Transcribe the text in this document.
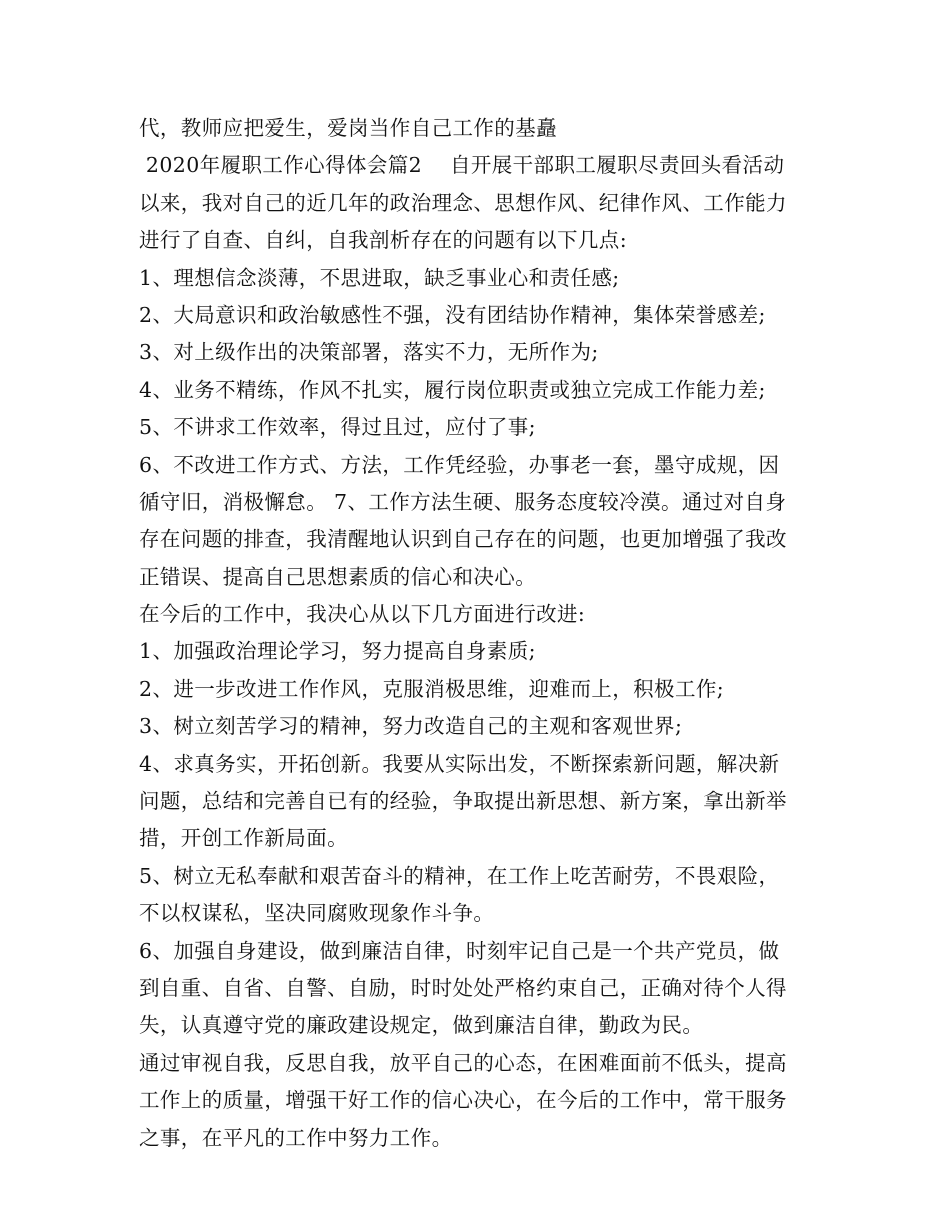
代，教师应把爱生，爱岗当作自己工作的基矗
2020年履职工作心得体会篇2　 自开展干部职工履职尽责回头看活动
以来，我对自己的近几年的政治理念、思想作风、纪律作风、工作能力
进行了自查、自纠，自我剖析存在的问题有以下几点:
1、理想信念淡薄，不思进取，缺乏事业心和责任感;
2、大局意识和政治敏感性不强，没有团结协作精神，集体荣誉感差;
3、对上级作出的决策部署，落实不力，无所作为;
4、业务不精练，作风不扎实，履行岗位职责或独立完成工作能力差;
5、不讲求工作效率，得过且过，应付了事;
6、不改进工作方式、方法，工作凭经验，办事老一套，墨守成规，因
循守旧，消极懈怠。 7、工作方法生硬、服务态度较冷漠。通过对自身
存在问题的排查，我清醒地认识到自己存在的问题，也更加增强了我改
正错误、提高自己思想素质的信心和决心。
在今后的工作中，我决心从以下几方面进行改进:
1、加强政治理论学习，努力提高自身素质;
2、进一步改进工作作风，克服消极思维，迎难而上，积极工作;
3、树立刻苦学习的精神，努力改造自己的主观和客观世界;
4、求真务实，开拓创新。我要从实际出发，不断探索新问题，解决新
问题，总结和完善自已有的经验，争取提出新思想、新方案，拿出新举
措，开创工作新局面。
5、树立无私奉献和艰苦奋斗的精神，在工作上吃苦耐劳，不畏艰险，
不以权谋私，坚决同腐败现象作斗争。
6、加强自身建设，做到廉洁自律，时刻牢记自己是一个共产党员，做
到自重、自省、自警、自励，时时处处严格约束自己，正确对待个人得
失，认真遵守党的廉政建设规定，做到廉洁自律，勤政为民。
通过审视自我，反思自我，放平自己的心态，在困难面前不低头，提高
工作上的质量，增强干好工作的信心决心，在今后的工作中，常干服务
之事，在平凡的工作中努力工作。
